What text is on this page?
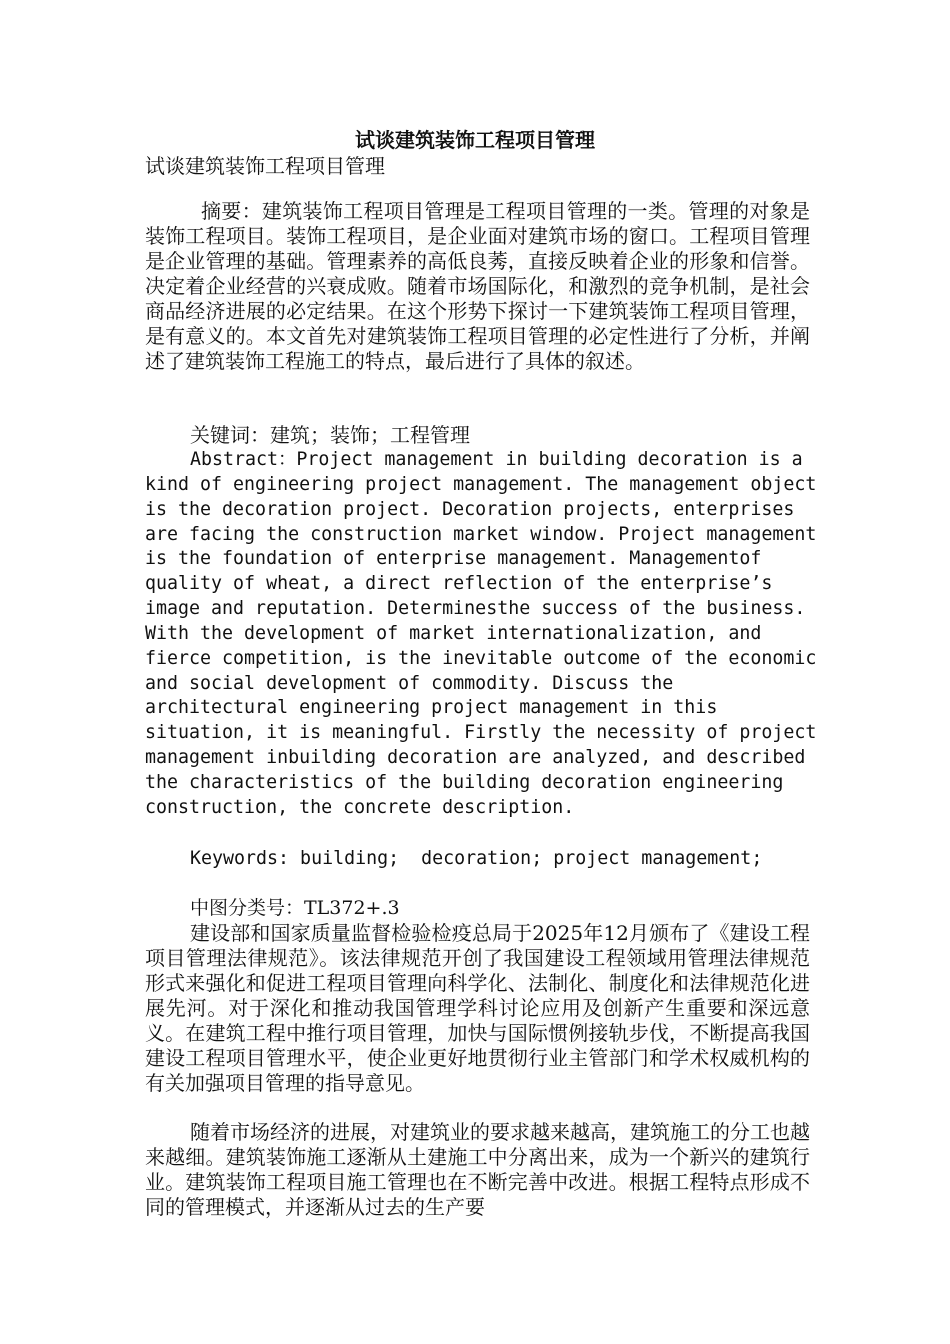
试谈建筑装饰工程项目管理

试谈建筑装饰工程项目管理

摘要：建筑装饰工程项目管理是工程项目管理的一类。管理的对象是装饰工程项目。装饰工程项目，是企业面对建筑市场的窗口。工程项目管理是企业管理的基础。管理素养的高低良莠，直接反映着企业的形象和信誉。决定着企业经营的兴衰成败。随着市场国际化，和激烈的竞争机制，是社会商品经济进展的必定结果。在这个形势下探讨一下建筑装饰工程项目管理，是有意义的。本文首先对建筑装饰工程项目管理的必定性进行了分析，并阐述了建筑装饰工程施工的特点，最后进行了具体的叙述。

关键词：建筑；装饰；工程管理

Abstract：Project management in building decoration is a kind of engineering project management. The management object is the decoration project. Decoration projects, enterprises are facing the construction market window. Project management is the foundation of enterprise management. Managementof quality of wheat, a direct reflection of the enterprise’s image and reputation. Determinesthe success of the business. With the development of market internationalization, and fierce competition, is the inevitable outcome of the economic and social development of commodity. Discuss the architectural engineering project management in this situation, it is meaningful. Firstly the necessity of project management inbuilding decoration are analyzed, and described the characteristics of the building decoration engineering construction, the concrete description.

Keywords: building;  decoration; project management;

中图分类号：TL372+.3

建设部和国家质量监督检验检疫总局于2025年12月颁布了《建设工程项目管理法律规范》。该法律规范开创了我国建设工程领域用管理法律规范形式来强化和促进工程项目管理向科学化、法制化、制度化和法律规范化进展先河。对于深化和推动我国管理学科讨论应用及创新产生重要和深远意义。在建筑工程中推行项目管理，加快与国际惯例接轨步伐，不断提高我国建设工程项目管理水平，使企业更好地贯彻行业主管部门和学术权威机构的有关加强项目管理的指导意见。

随着市场经济的进展，对建筑业的要求越来越高，建筑施工的分工也越来越细。建筑装饰施工逐渐从土建施工中分离出来，成为一个新兴的建筑行业。建筑装饰工程项目施工管理也在不断完善中改进。根据工程特点形成不同的管理模式，并逐渐从过去的生产要
